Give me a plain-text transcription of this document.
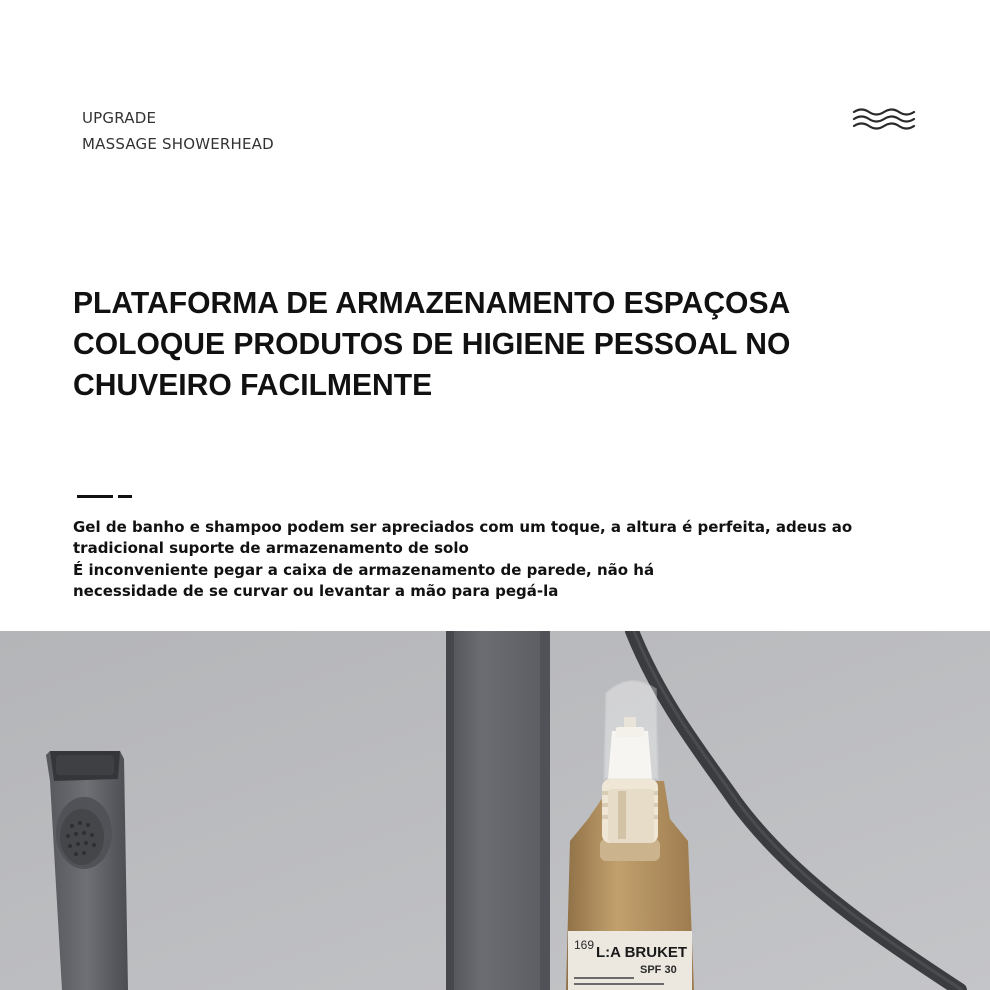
UPGRADE
MASSAGE SHOWERHEAD
PLATAFORMA DE ARMAZENAMENTO ESPAÇOSA
COLOQUE PRODUTOS DE HIGIENE PESSOAL NO
CHUVEIRO FACILMENTE
Gel de banho e shampoo podem ser apreciados com um toque, a altura é perfeita, adeus ao tradicional suporte de armazenamento de solo
É inconveniente pegar a caixa de armazenamento de parede, não há necessidade de se curvar ou levantar a mão para pegá-la
169 L:A BRUKET
SPF 30
